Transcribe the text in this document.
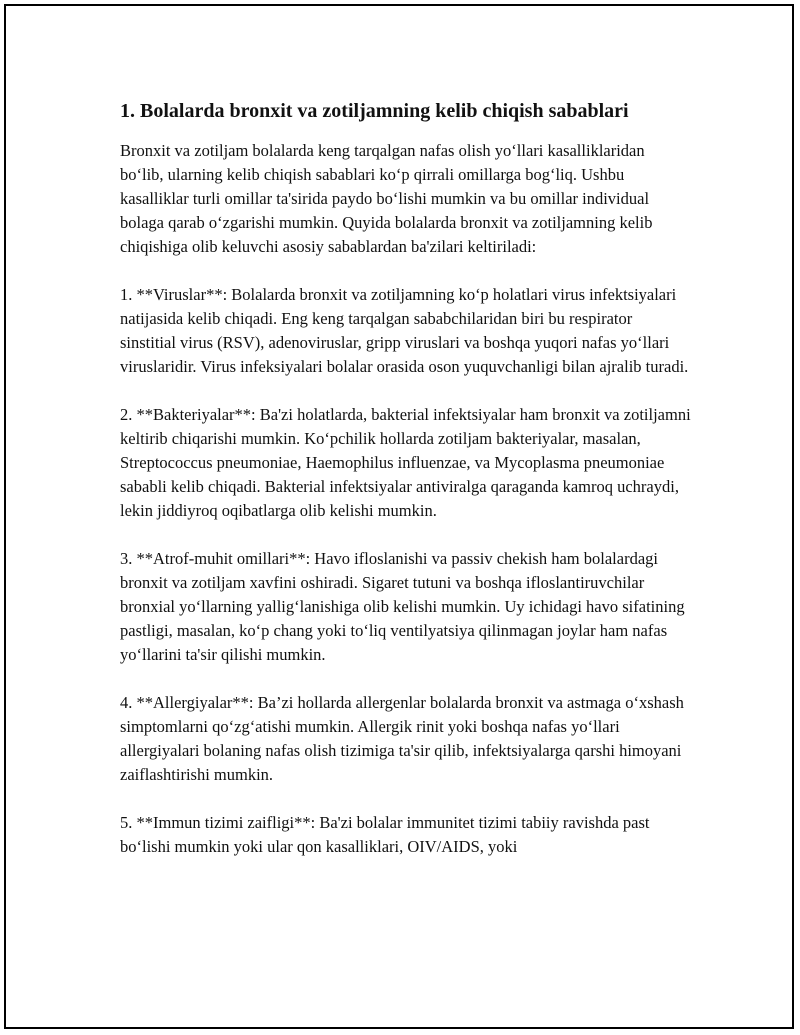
1. Bolalarda bronxit va zotiljamning kelib chiqish sabablari

Bronxit va zotiljam bolalarda keng tarqalgan nafas olish yo‘llari kasalliklaridan bo‘lib, ularning kelib chiqish sabablari ko‘p qirrali omillarga bog‘liq. Ushbu kasalliklar turli omillar ta'sirida paydo bo‘lishi mumkin va bu omillar individual bolaga qarab o‘zgarishi mumkin. Quyida bolalarda bronxit va zotiljamning kelib chiqishiga olib keluvchi asosiy sabablardan ba'zilari keltiriladi:

1. **Viruslar**: Bolalarda bronxit va zotiljamning ko‘p holatlari virus infektsiyalari natijasida kelib chiqadi. Eng keng tarqalgan sababchilaridan biri bu respirator sinstitial virus (RSV), adenoviruslar, gripp viruslari va boshqa yuqori nafas yo‘llari viruslaridir. Virus infeksiyalari bolalar orasida oson yuquvchanligi bilan ajralib turadi.

2. **Bakteriyalar**: Ba'zi holatlarda, bakterial infektsiyalar ham bronxit va zotiljamni keltirib chiqarishi mumkin. Ko‘pchilik hollarda zotiljam bakteriyalar, masalan, Streptococcus pneumoniae, Haemophilus influenzae, va Mycoplasma pneumoniae sababli kelib chiqadi. Bakterial infektsiyalar antiviralga qaraganda kamroq uchraydi, lekin jiddiyroq oqibatlarga olib kelishi mumkin.

3. **Atrof-muhit omillari**: Havo ifloslanishi va passiv chekish ham bolalardagi bronxit va zotiljam xavfini oshiradi. Sigaret tutuni va boshqa ifloslantiruvchilar bronxial yo‘llarning yallig‘lanishiga olib kelishi mumkin. Uy ichidagi havo sifatining pastligi, masalan, ko‘p chang yoki to‘liq ventilyatsiya qilinmagan joylar ham nafas yo‘llarini ta'sir qilishi mumkin.

4. **Allergiyalar**: Ba’zi hollarda allergenlar bolalarda bronxit va astmaga o‘xshash simptomlarni qo‘zg‘atishi mumkin. Allergik rinit yoki boshqa nafas yo‘llari allergiyalari bolaning nafas olish tizimiga ta'sir qilib, infektsiyalarga qarshi himoyani zaiflashtirishi mumkin.

5. **Immun tizimi zaifligi**: Ba'zi bolalar immunitet tizimi tabiiy ravishda past bo‘lishi mumkin yoki ular qon kasalliklari, OIV/AIDS, yoki
